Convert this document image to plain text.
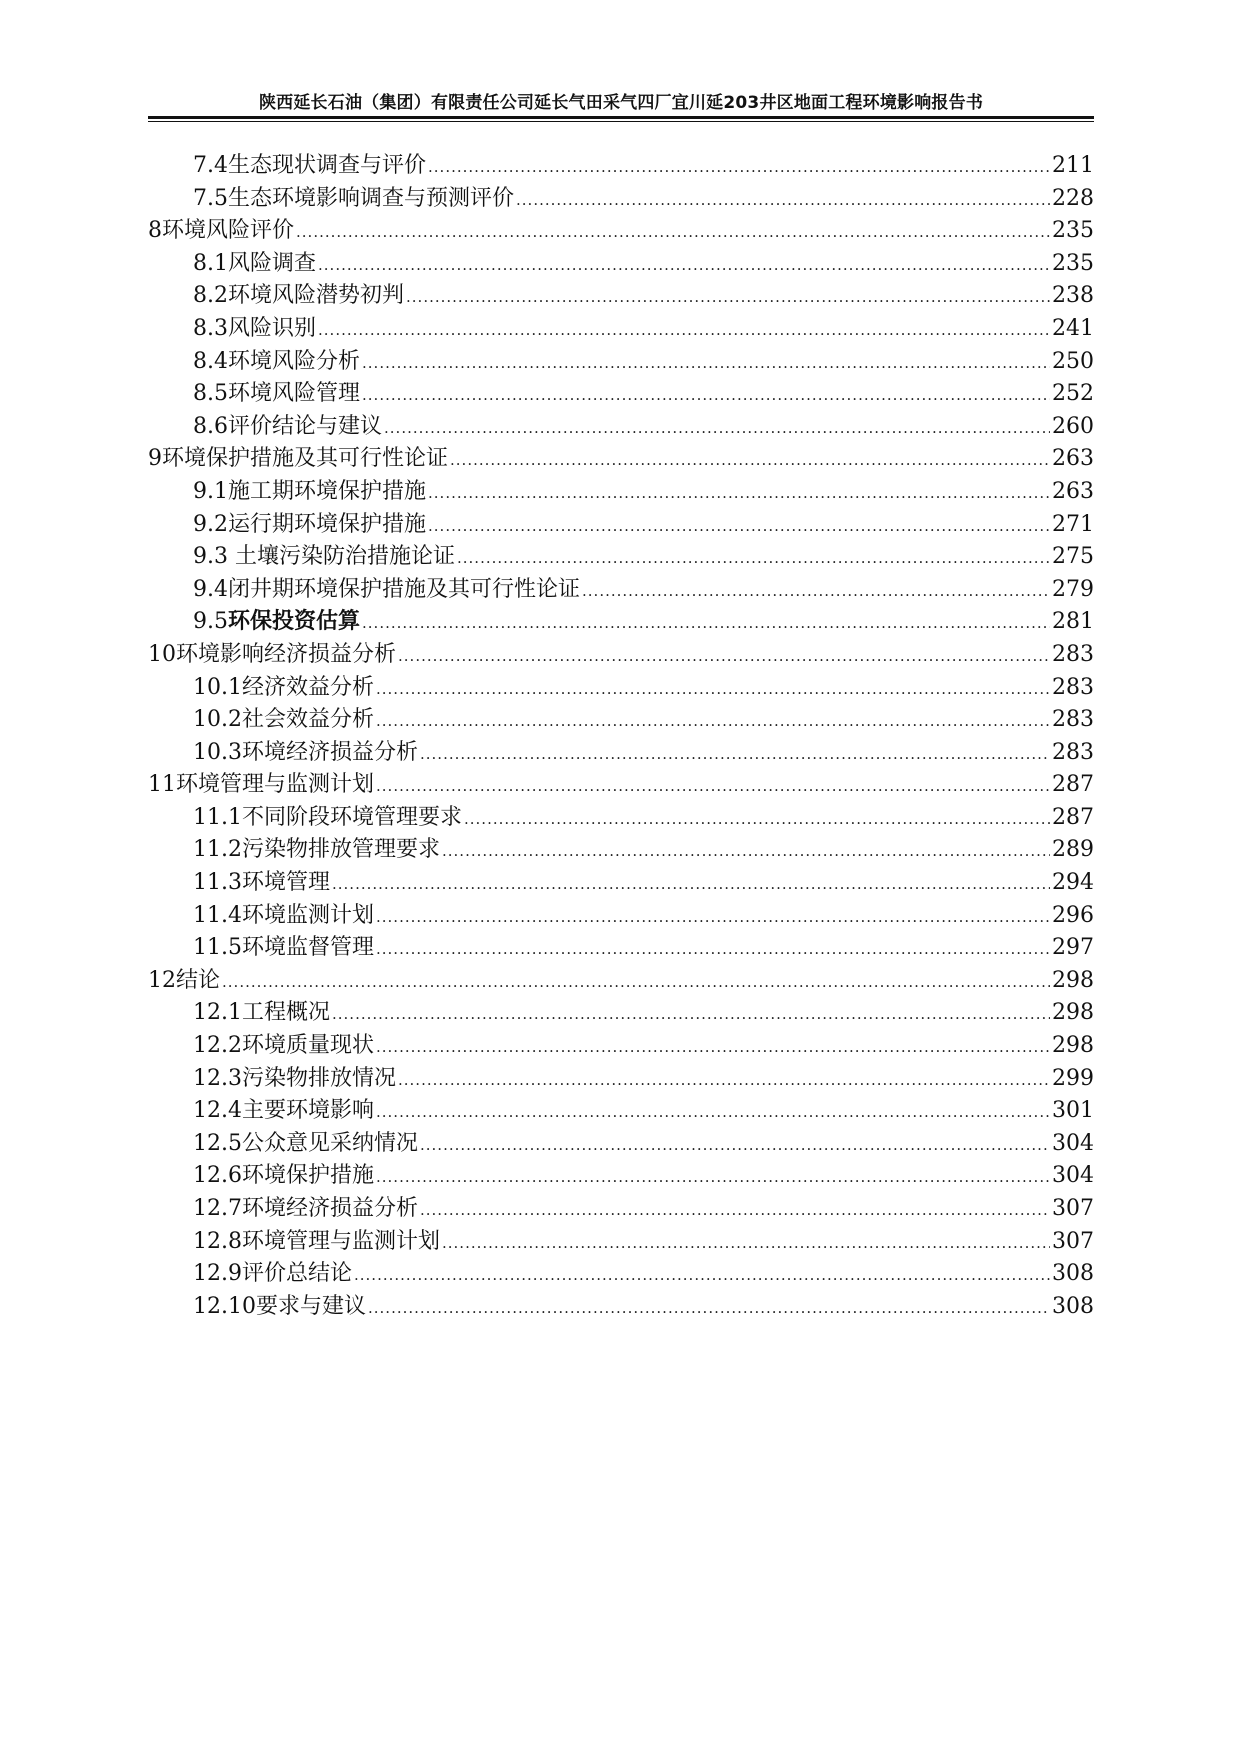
陕西延长石油（集团）有限责任公司延长气田采气四厂宜川延203井区地面工程环境影响报告书
7.4生态现状调查与评价 .....	211
7.5生态环境影响调查与预测评价 .....	228
8环境风险评价 .....	235
8.1风险调查 .....	235
8.2环境风险潜势初判 .....	238
8.3风险识别 .....	241
8.4环境风险分析 .....	250
8.5环境风险管理 .....	252
8.6评价结论与建议 .....	260
9环境保护措施及其可行性论证 .....	263
9.1施工期环境保护措施 .....	263
9.2运行期环境保护措施 .....	271
9.3 土壤污染防治措施论证 .....	275
9.4闭井期环境保护措施及其可行性论证 .....	279
9.5环保投资估算 .....	281
10环境影响经济损益分析 .....	283
10.1经济效益分析 .....	283
10.2社会效益分析 .....	283
10.3环境经济损益分析 .....	283
11环境管理与监测计划 .....	287
11.1不同阶段环境管理要求 .....	287
11.2污染物排放管理要求 .....	289
11.3环境管理 .....	294
11.4环境监测计划 .....	296
11.5环境监督管理 .....	297
12结论 .....	298
12.1工程概况 .....	298
12.2环境质量现状 .....	298
12.3污染物排放情况 .....	299
12.4主要环境影响 .....	301
12.5公众意见采纳情况 .....	304
12.6环境保护措施 .....	304
12.7环境经济损益分析 .....	307
12.8环境管理与监测计划 .....	307
12.9评价总结论 .....	308
12.10要求与建议 .....	308
